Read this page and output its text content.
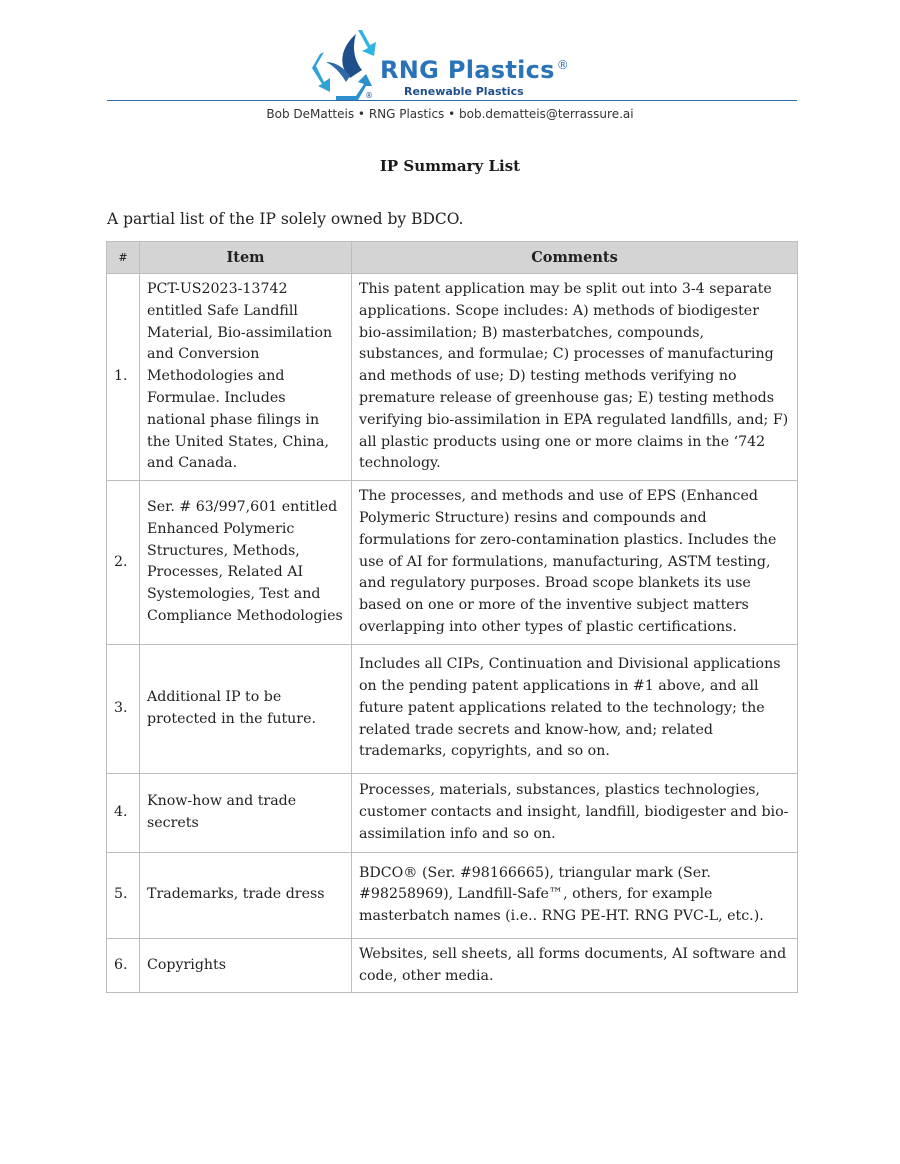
®
RNG Plastics ®
Renewable Plastics
Bob DeMatteis • RNG Plastics • bob.dematteis@terrassure.ai
IP Summary List
A partial list of the IP solely owned by BDCO.
#	Item	Comments
1.	PCT-US2023-13742 entitled Safe Landfill Material, Bio-assimilation and Conversion Methodologies and Formulae. Includes national phase filings in the United States, China, and Canada.	This patent application may be split out into 3-4 separate applications. Scope includes: A) methods of biodigester bio-assimilation; B) masterbatches, compounds, substances, and formulae; C) processes of manufacturing and methods of use; D) testing methods verifying no premature release of greenhouse gas; E) testing methods verifying bio-assimilation in EPA regulated landfills, and; F) all plastic products using one or more claims in the ‘742 technology.
2.	Ser. # 63/997,601 entitled Enhanced Polymeric Structures, Methods, Processes, Related AI Systemologies, Test and Compliance Methodologies	The processes, and methods and use of EPS (Enhanced Polymeric Structure) resins and compounds and formulations for zero-contamination plastics. Includes the use of AI for formulations, manufacturing, ASTM testing, and regulatory purposes. Broad scope blankets its use based on one or more of the inventive subject matters overlapping into other types of plastic certifications.
3.	Additional IP to be protected in the future.	Includes all CIPs, Continuation and Divisional applications on the pending patent applications in #1 above, and all future patent applications related to the technology; the related trade secrets and know-how, and; related trademarks, copyrights, and so on.
4.	Know-how and trade secrets	Processes, materials, substances, plastics technologies, customer contacts and insight, landfill, biodigester and bio-assimilation info and so on.
5.	Trademarks, trade dress	BDCO® (Ser. #98166665), triangular mark (Ser. #98258969), Landfill-Safe™, others, for example masterbatch names (i.e.. RNG PE-HT. RNG PVC-L, etc.).
6.	Copyrights	Websites, sell sheets, all forms documents, AI software and code, other media.
